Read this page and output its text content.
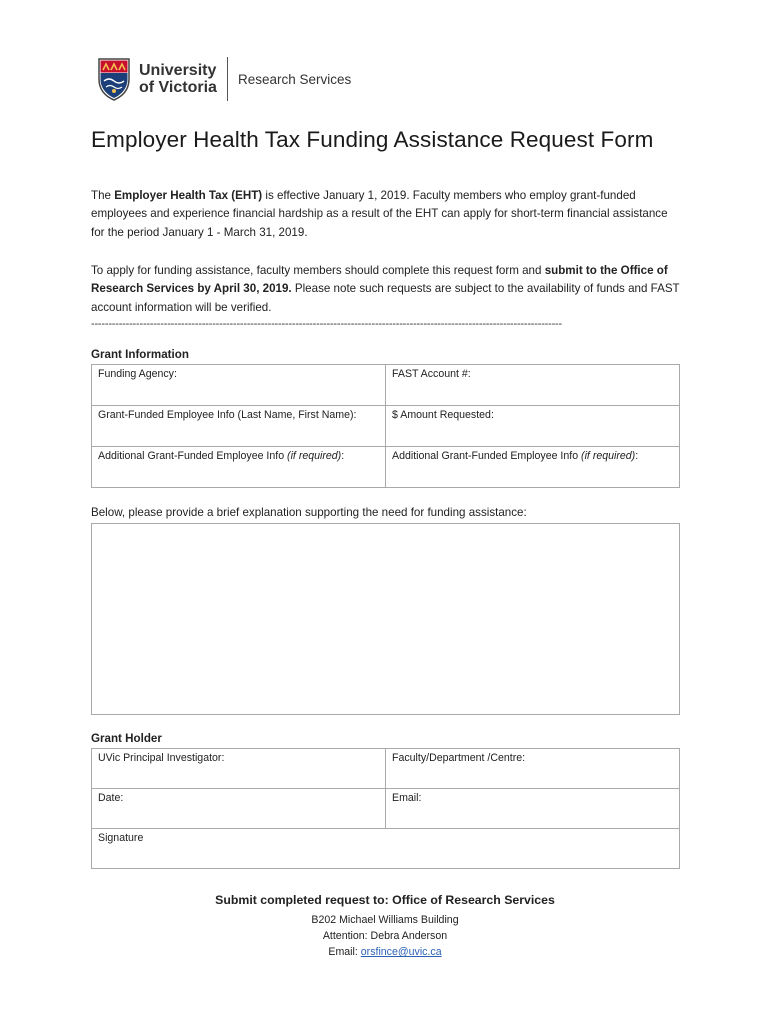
University
of Victoria Research Services
Employer Health Tax Funding Assistance Request Form
The Employer Health Tax (EHT) is effective January 1, 2019. Faculty members who employ grant-funded employees and experience financial hardship as a result of the EHT can apply for short-term financial assistance for the period January 1 - March 31, 2019.
To apply for funding assistance, faculty members should complete this request form and submit to the Office of Research Services by April 30, 2019. Please note such requests are subject to the availability of funds and FAST account information will be verified.
----------------------------------------------------------------------------------------------------------------------------------------
Grant Information
Funding Agency:	FAST Account #:
Grant-Funded Employee Info (Last Name, First Name):	$ Amount Requested:
Additional Grant-Funded Employee Info (if required):	Additional Grant-Funded Employee Info (if required):
Below, please provide a brief explanation supporting the need for funding assistance:
Grant Holder
UVic Principal Investigator:	Faculty/Department /Centre:
Date:	Email:
Signature	
Submit completed request to: Office of Research Services
B202 Michael Williams Building
Attention: Debra Anderson
Email: orsfince@uvic.ca
